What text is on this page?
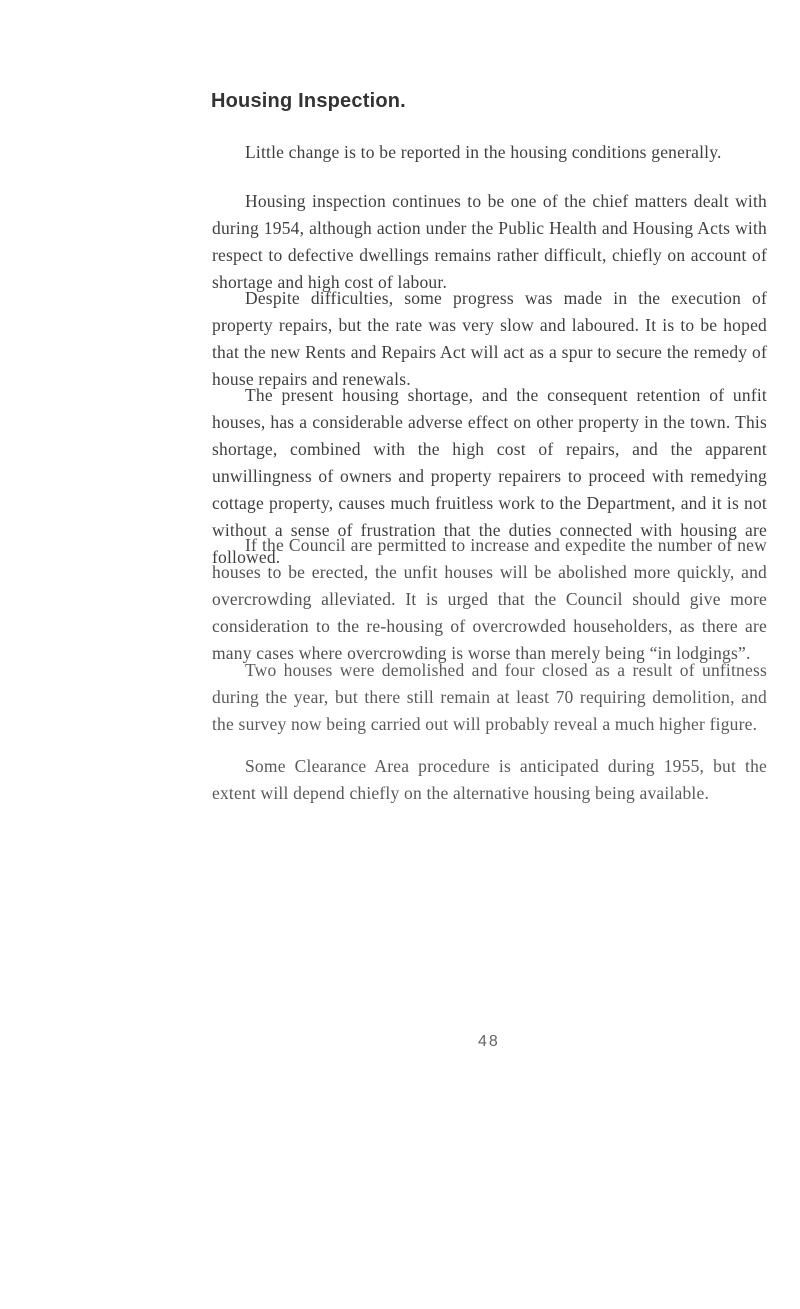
Housing Inspection.

Little change is to be reported in the housing conditions generally.

Housing inspection continues to be one of the chief matters dealt with during 1954, although action under the Public Health and Housing Acts with respect to defective dwellings remains rather difficult, chiefly on account of shortage and high cost of labour.

Despite difficulties, some progress was made in the execution of property repairs, but the rate was very slow and laboured. It is to be hoped that the new Rents and Repairs Act will act as a spur to secure the remedy of house repairs and renewals.

The present housing shortage, and the consequent retention of unfit houses, has a considerable adverse effect on other property in the town. This shortage, combined with the high cost of repairs, and the apparent unwillingness of owners and property repairers to proceed with remedying cottage property, causes much fruitless work to the Department, and it is not without a sense of frustration that the duties connected with housing are followed.

If the Council are permitted to increase and expedite the number of new houses to be erected, the unfit houses will be abolished more quickly, and overcrowding alleviated. It is urged that the Council should give more consideration to the re-housing of overcrowded householders, as there are many cases where overcrowding is worse than merely being “in lodgings”.

Two houses were demolished and four closed as a result of unfitness during the year, but there still remain at least 70 requiring demolition, and the survey now being carried out will probably reveal a much higher figure.

Some Clearance Area procedure is anticipated during 1955, but the extent will depend chiefly on the alternative housing being available.

48
